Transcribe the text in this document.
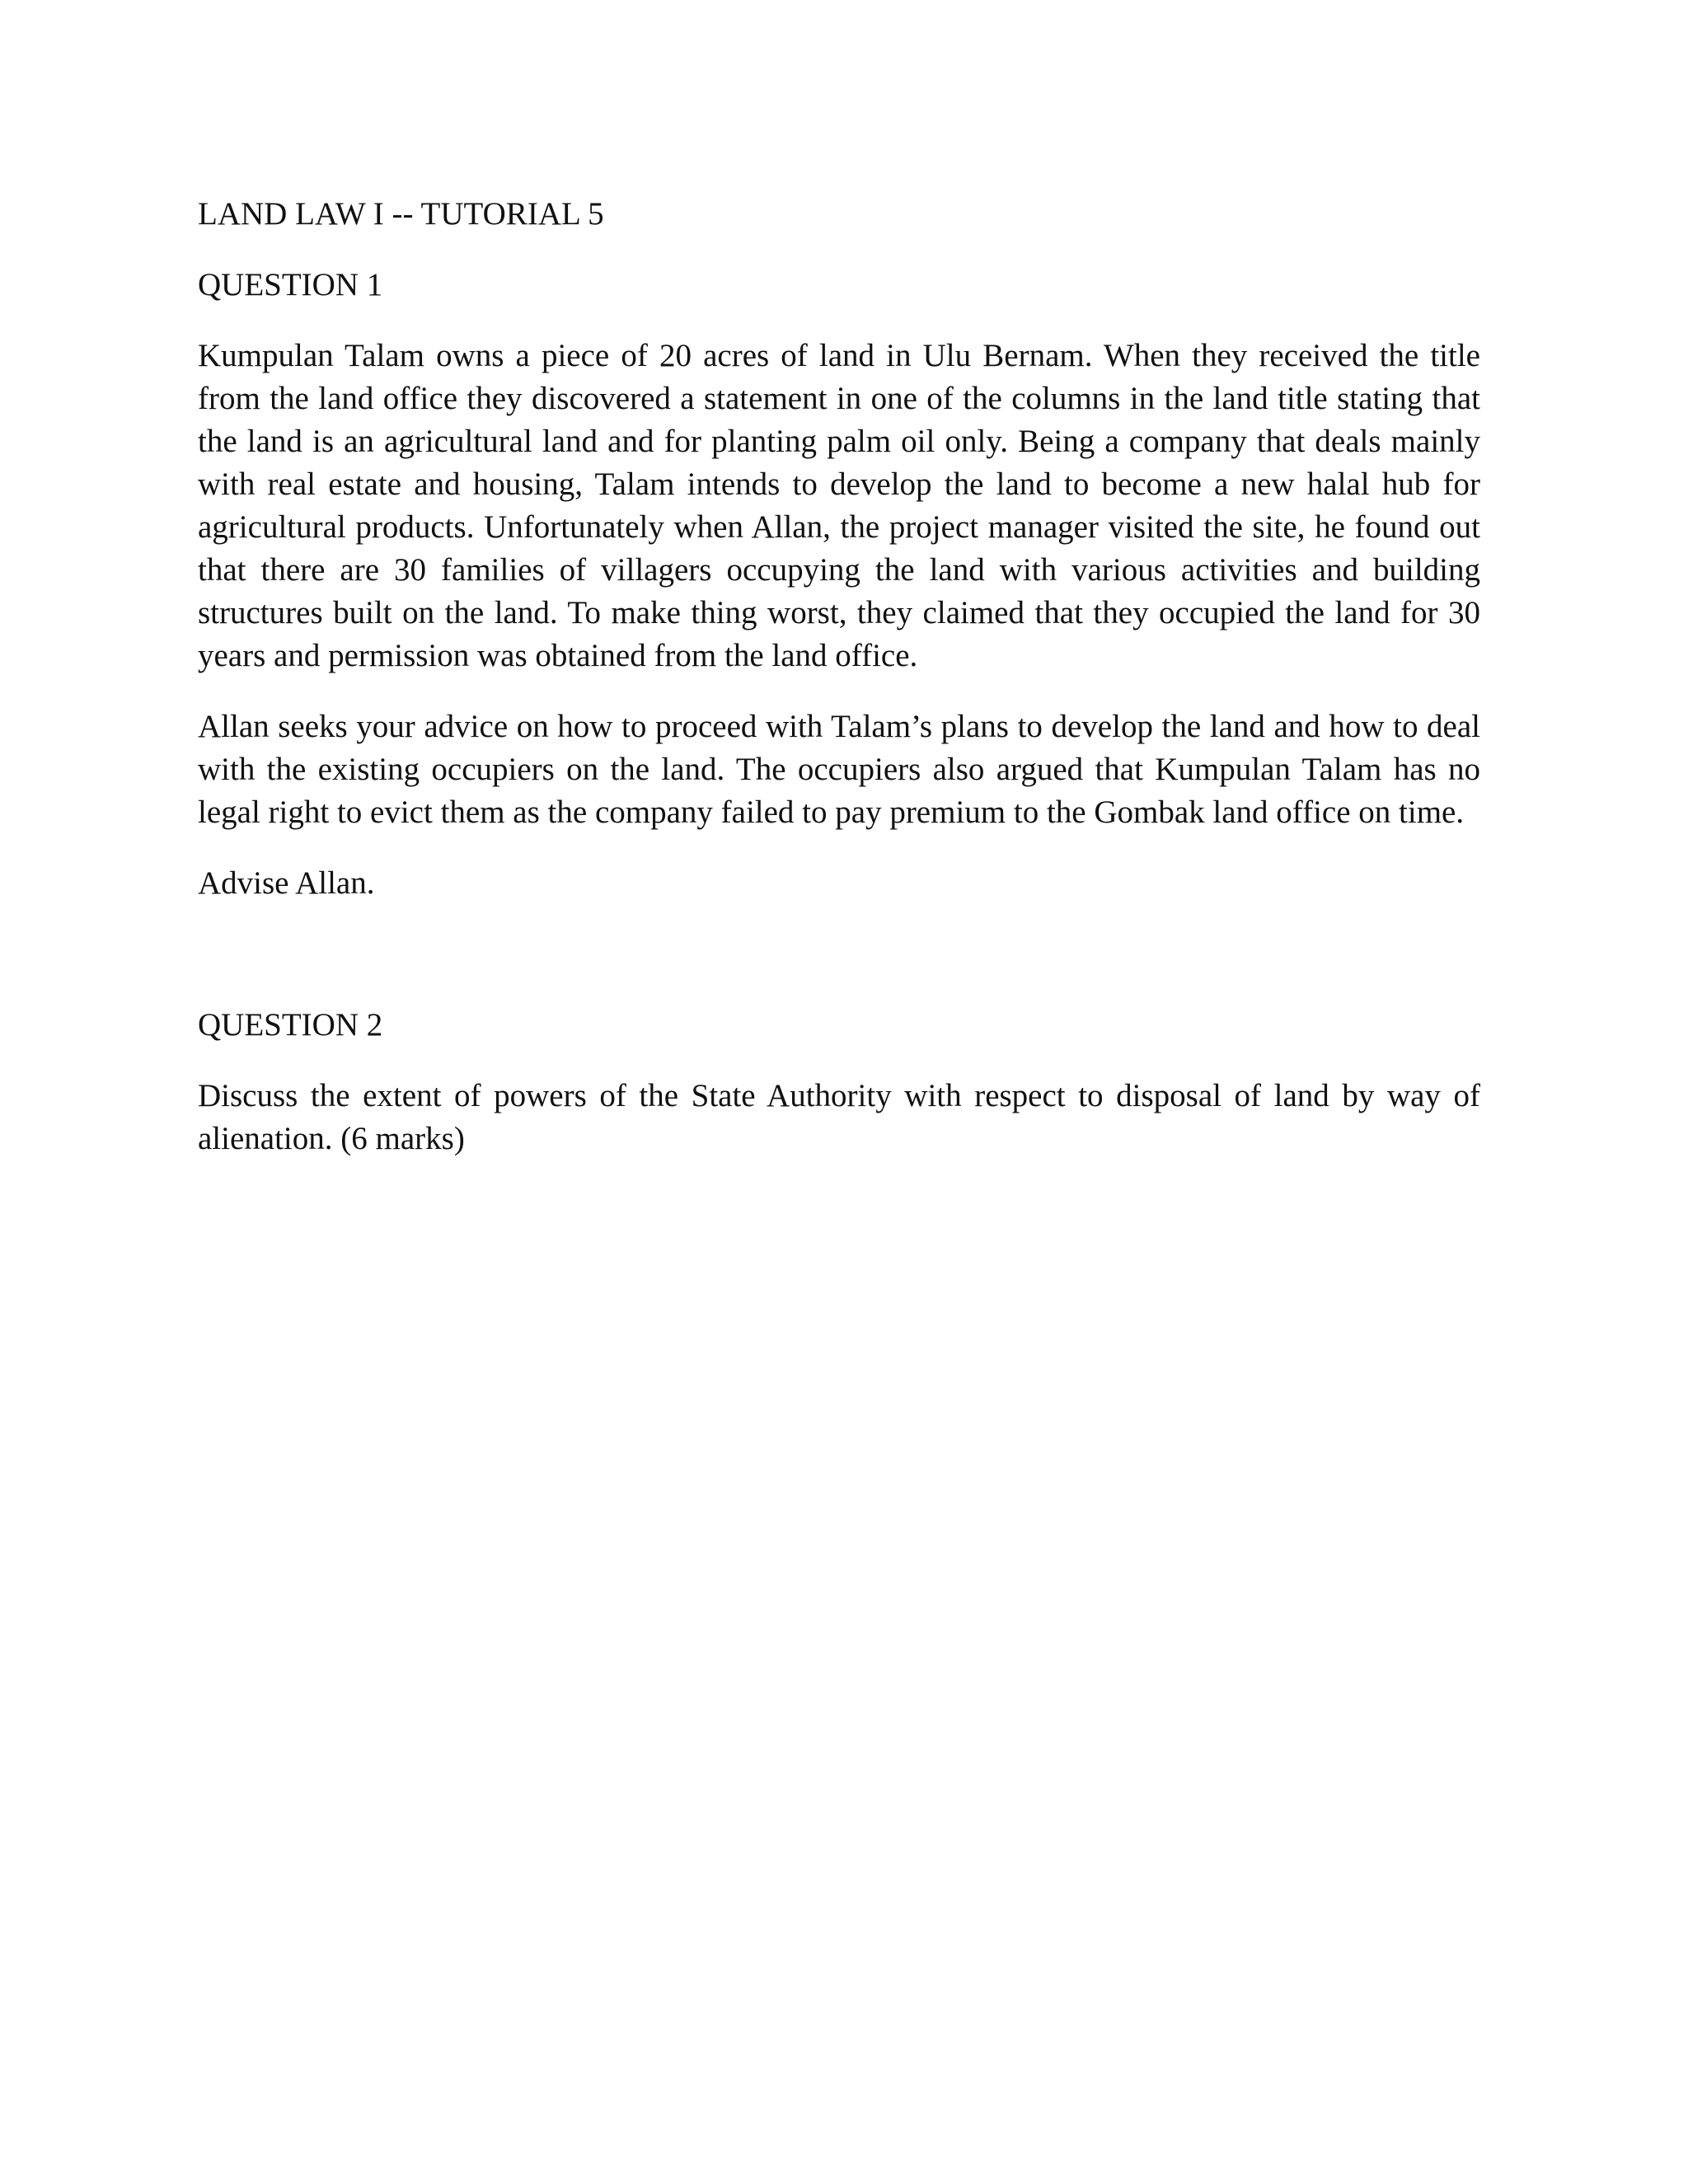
LAND LAW I -- TUTORIAL 5

QUESTION 1

Kumpulan Talam owns a piece of 20 acres of land in Ulu Bernam. When they received the title from the land office they discovered a statement in one of the columns in the land title stating that the land is an agricultural land and for planting palm oil only. Being a company that deals mainly with real estate and housing, Talam intends to develop the land to become a new halal hub for agricultural products. Unfortunately when Allan, the project manager visited the site, he found out that there are 30 families of villagers occupying the land with various activities and building structures built on the land. To make thing worst, they claimed that they occupied the land for 30 years and permission was obtained from the land office.

Allan seeks your advice on how to proceed with Talam’s plans to develop the land and how to deal with the existing occupiers on the land. The occupiers also argued that Kumpulan Talam has no legal right to evict them as the company failed to pay premium to the Gombak land office on time.

Advise Allan.

QUESTION 2

Discuss the extent of powers of the State Authority with respect to disposal of land by way of alienation. (6 marks)
